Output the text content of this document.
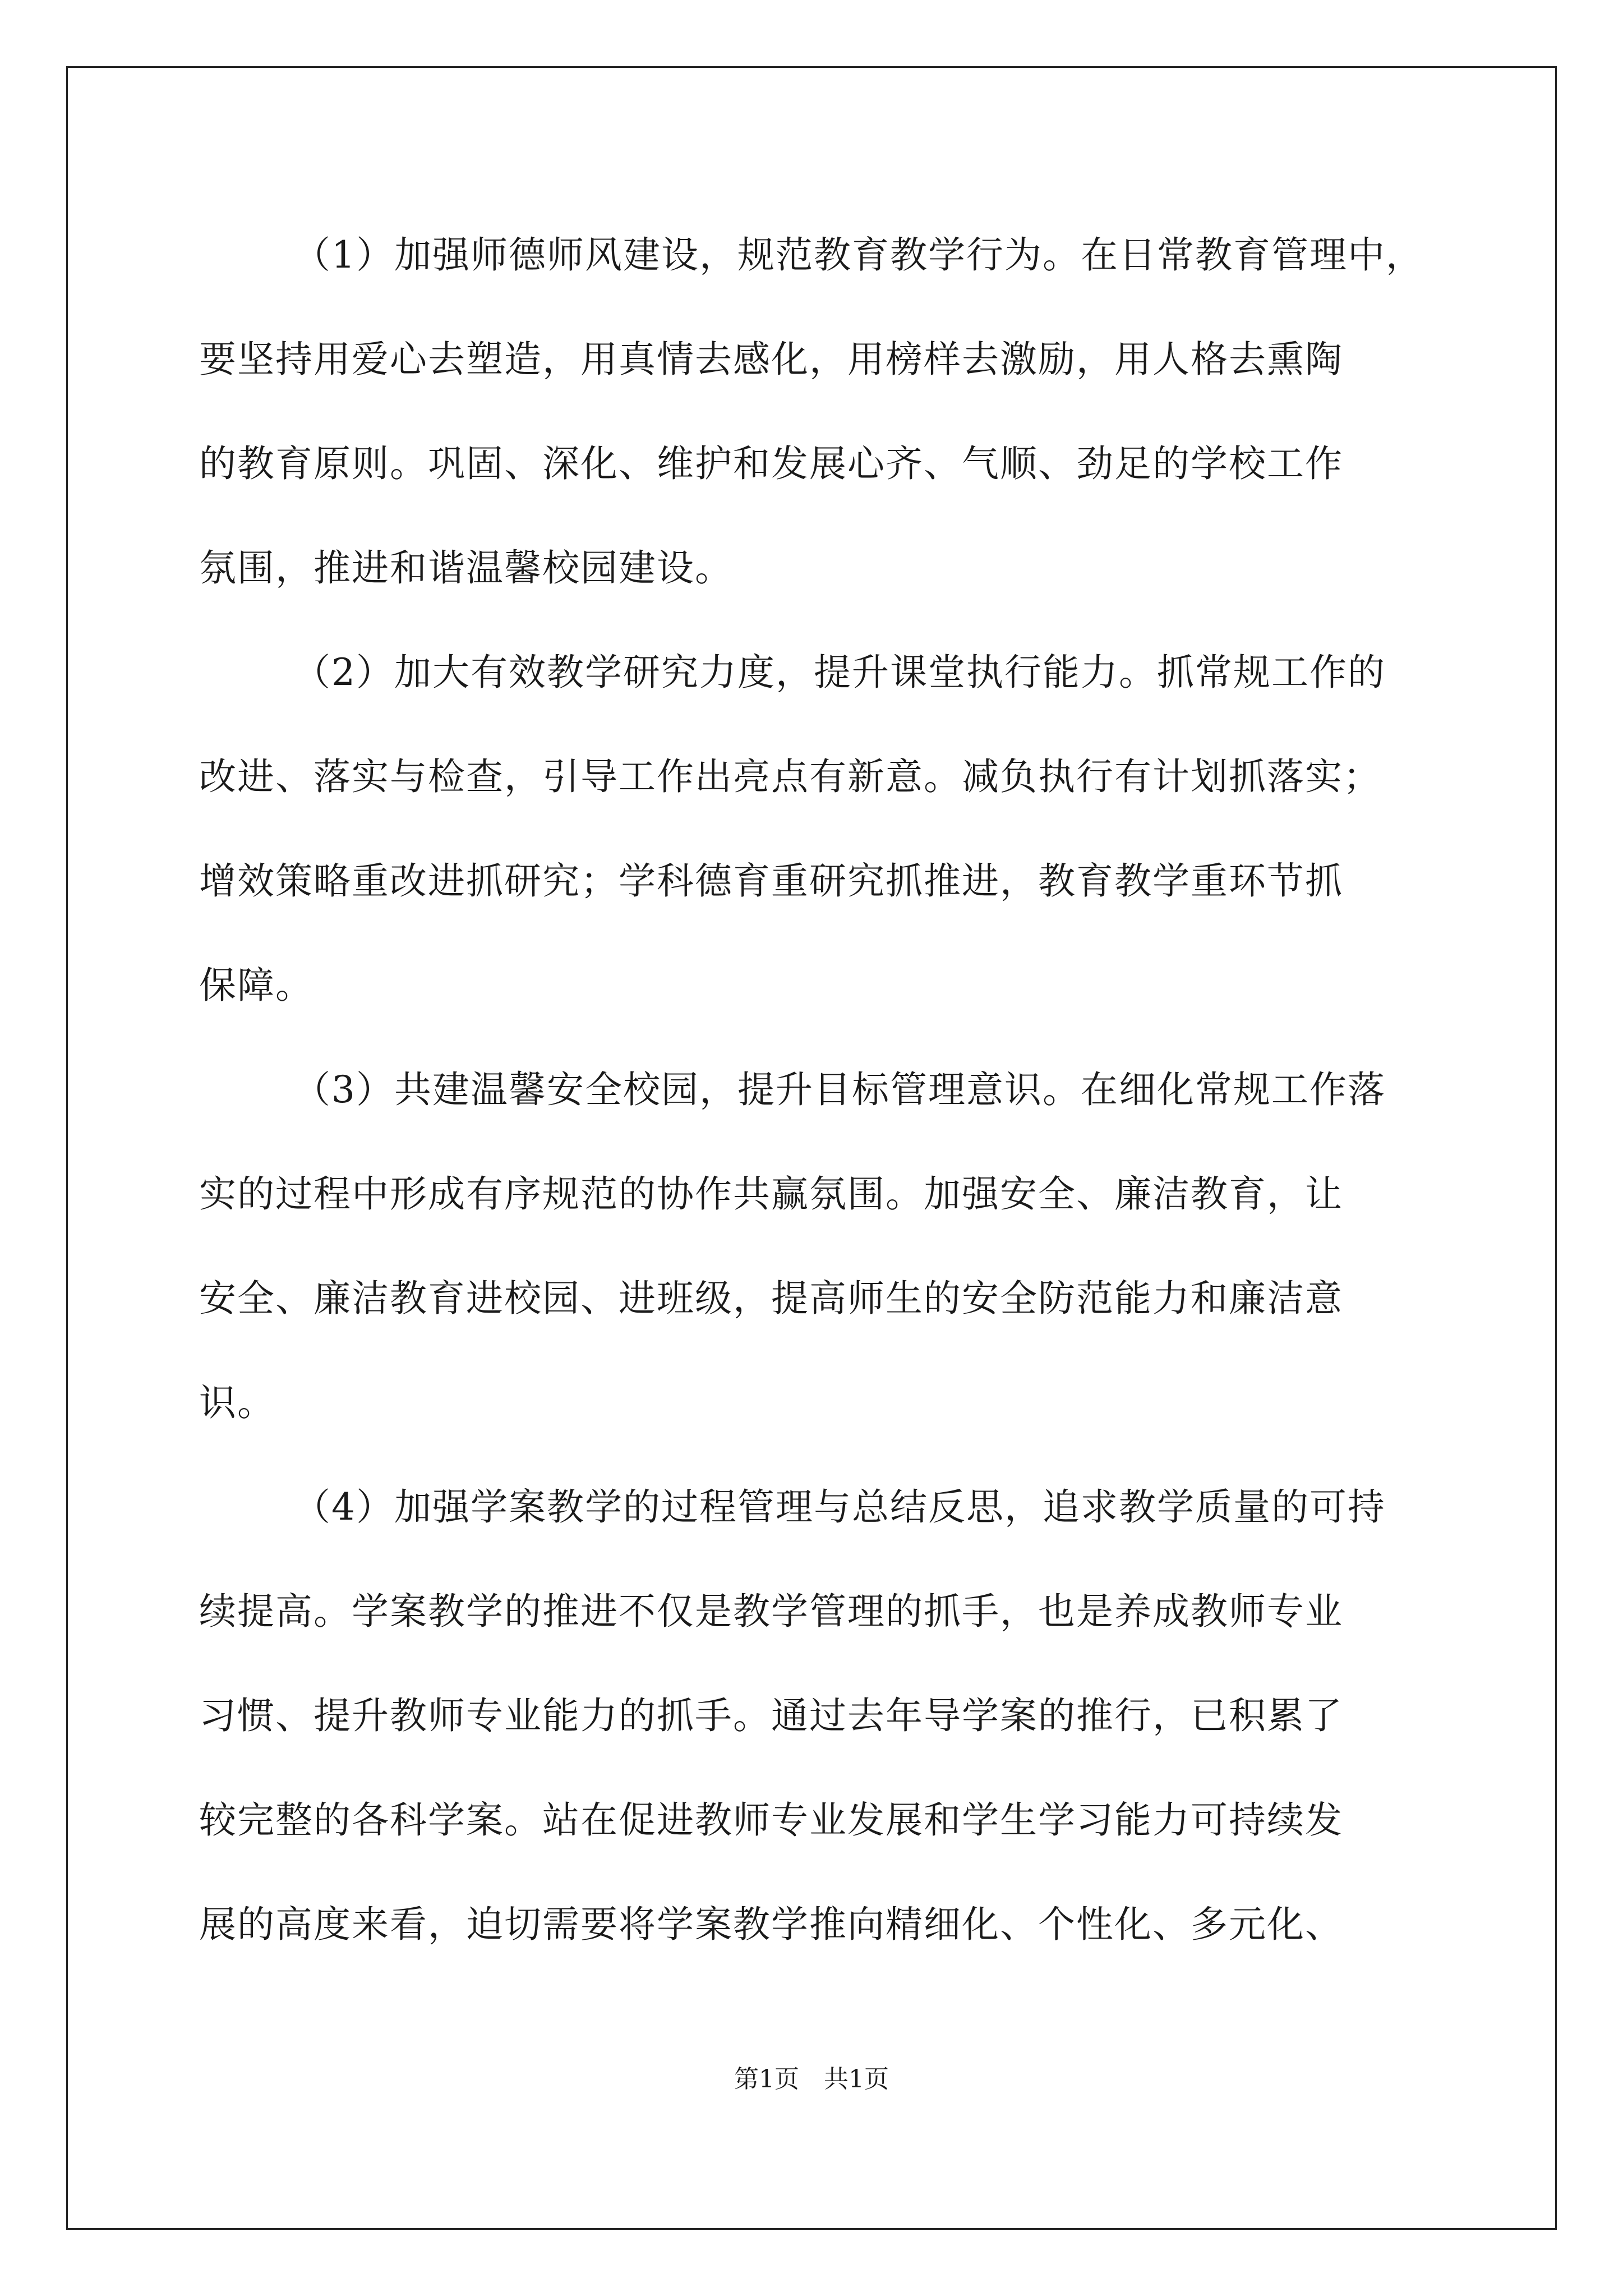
（1）加强师德师风建设，规范教育教学行为。在日常教育管理中，
要坚持用爱心去塑造，用真情去感化，用榜样去激励，用人格去熏陶
的教育原则。巩固、深化、维护和发展心齐、气顺、劲足的学校工作
氛围，推进和谐温馨校园建设。
（2）加大有效教学研究力度，提升课堂执行能力。抓常规工作的
改进、落实与检查，引导工作出亮点有新意。减负执行有计划抓落实；
增效策略重改进抓研究；学科德育重研究抓推进，教育教学重环节抓
保障。
（3）共建温馨安全校园，提升目标管理意识。在细化常规工作落
实的过程中形成有序规范的协作共赢氛围。加强安全、廉洁教育，让
安全、廉洁教育进校园、进班级，提高师生的安全防范能力和廉洁意
识。
（4）加强学案教学的过程管理与总结反思，追求教学质量的可持
续提高。学案教学的推进不仅是教学管理的抓手，也是养成教师专业
习惯、提升教师专业能力的抓手。通过去年导学案的推行，已积累了
较完整的各科学案。站在促进教师专业发展和学生学习能力可持续发
展的高度来看，迫切需要将学案教学推向精细化、个性化、多元化、
第1页　共1页
